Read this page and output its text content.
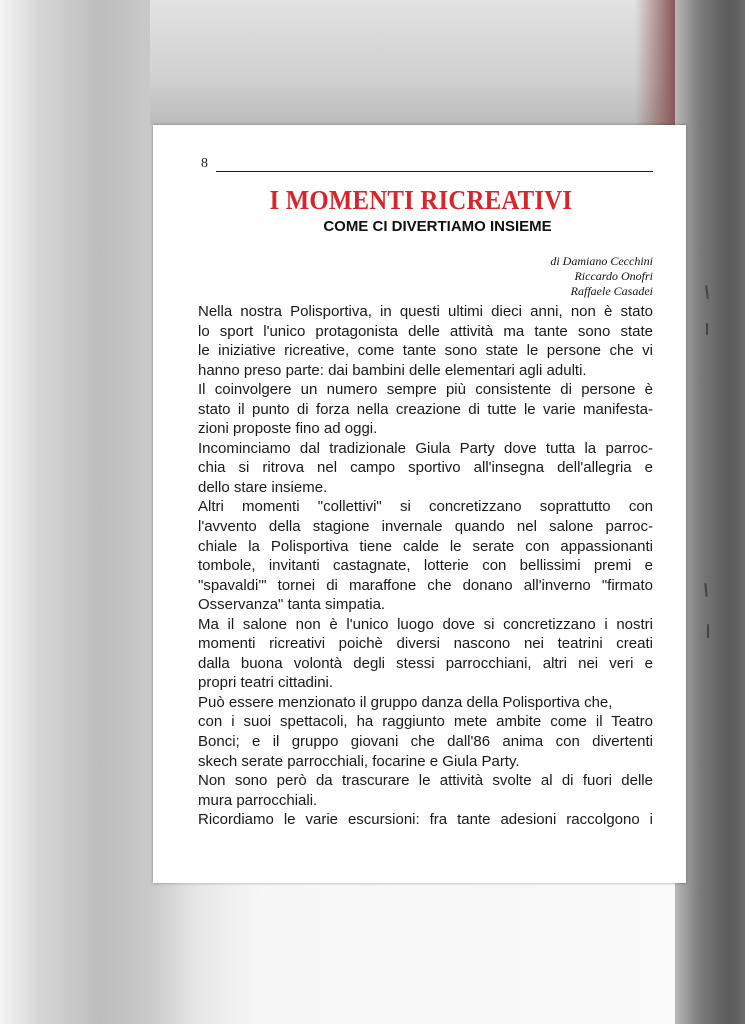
8
I MOMENTI RICREATIVI
COME CI DIVERTIAMO INSIEME
di Damiano Cecchini
Riccardo Onofri
Raffaele Casadei
Nella nostra Polisportiva, in questi ultimi dieci anni, non è stato
lo sport l'unico protagonista delle attività ma tante sono state
le iniziative ricreative, come tante sono state le persone che vi
hanno preso parte: dai bambini delle elementari agli adulti.
Il coinvolgere un numero sempre più consistente di persone è
stato il punto di forza nella creazione di tutte le varie manifesta-
zioni proposte fino ad oggi.
Incominciamo dal tradizionale Giula Party dove tutta la parroc-
chia si ritrova nel campo sportivo all'insegna dell'allegria e
dello stare insieme.
Altri momenti "collettivi" si concretizzano soprattutto con
l'avvento della stagione invernale quando nel salone parroc-
chiale la Polisportiva tiene calde le serate con appassionanti
tombole, invitanti castagnate, lotterie con bellissimi premi e
"spavaldi'" tornei di maraffone che donano all'inverno "firmato
Osservanza" tanta simpatia.
Ma il salone non è l'unico luogo dove si concretizzano i nostri
momenti ricreativi poichè diversi nascono nei teatrini creati
dalla buona volontà degli stessi parrocchiani, altri nei veri e
propri teatri cittadini.
Può essere menzionato il gruppo danza della Polisportiva che,
con i suoi spettacoli, ha raggiunto mete ambite come il Teatro
Bonci; e il gruppo giovani che dall'86 anima con divertenti
skech serate parrocchiali, focarine e Giula Party.
Non sono però da trascurare le attività svolte al di fuori delle
mura parrocchiali.
Ricordiamo le varie escursioni: fra tante adesioni raccolgono i
